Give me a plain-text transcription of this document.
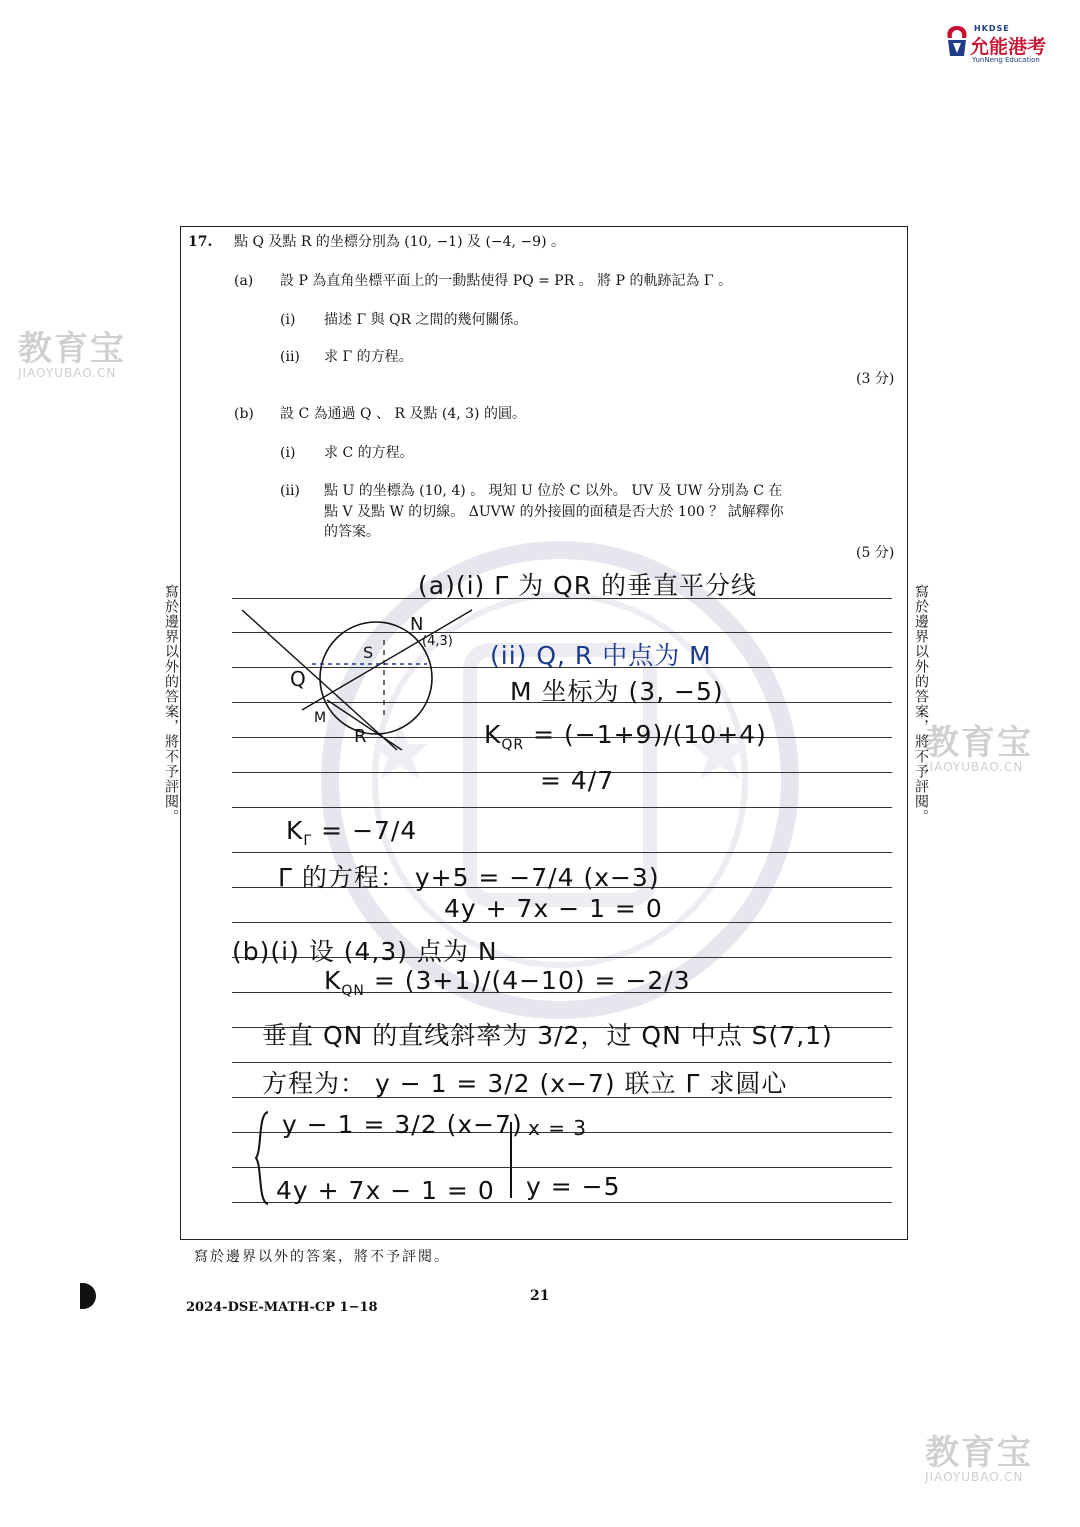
HKDSE
允能港考
YunNeng Education
教育宝
JIAOYUBAO.CN
教育宝
JIAOYUBAO.CN
教育宝
JIAOYUBAO.CN
17. 點 Q 及點 R 的坐標分別為 (10, −1) 及 (−4, −9) 。
(a) 設 P 為直角坐標平面上的一動點使得 PQ = PR 。 將 P 的軌跡記為 Γ 。
(i) 描述 Γ 與 QR 之間的幾何關係。
(ii) 求 Γ 的方程。
(3 分)
(b) 設 C 為通過 Q 、 R 及點 (4, 3) 的圓。
(i) 求 C 的方程。
(ii) 點 U 的坐標為 (10, 4) 。 現知 U 位於 C 以外。 UV 及 UW 分別為 C 在
點 V 及點 W 的切線。 ΔUVW 的外接圓的面積是否大於 100 ？ 試解釋你
的答案。
(5 分)
寫於邊界以外的答案，將不予評閱。	寫於邊界以外的答案，將不予評閱。
Q
R
N
(4,3)
S
M
(a)(i) Γ 为 QR 的垂直平分线
(ii) Q, R 中点为 M
M 坐标为 (3, −5)
$K_{QR} = (-1+9)/(10+4)$
= 4/7
$K_\Gamma = -7/4$
Γ 的方程： y+5 = −7/4 (x−3)
4y + 7x − 1 = 0
(b)(i) 设 (4,3) 点为 N
$K_{QN} = (3+1)/(4-10) = -2/3$
垂直 QN 的直线斜率为 3/2，过 QN 中点 S(7,1)
方程为： y − 1 = 3/2 (x−7) 联立 Γ 求圆心
y − 1 = 3/2 (x−7)
4y + 7x − 1 = 0
x = 3
y = −5
寫於邊界以外的答案，將不予評閱。
21
2024-DSE-MATH-CP 1−18
